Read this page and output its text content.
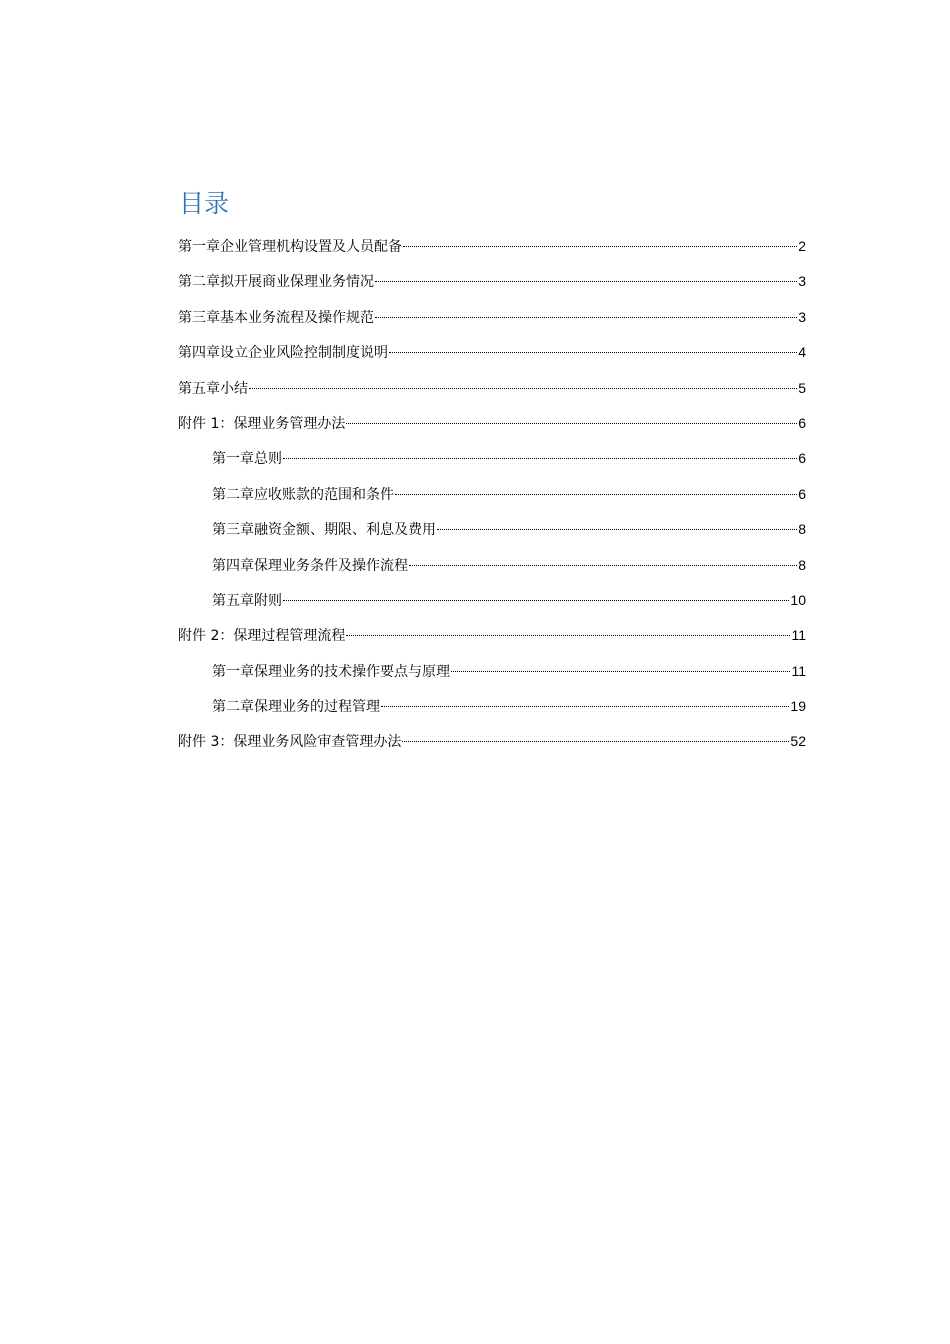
目录
第一章企业管理机构设置及人员配备	2
第二章拟开展商业保理业务情况	3
第三章基本业务流程及操作规范	3
第四章设立企业风险控制制度说明	4
第五章小结	5
附件 1：保理业务管理办法	6
第一章总则	6
第二章应收账款的范围和条件	6
第三章融资金额、期限、利息及费用	8
第四章保理业务条件及操作流程	8
第五章附则	10
附件 2：保理过程管理流程	11
第一章保理业务的技术操作要点与原理	11
第二章保理业务的过程管理	19
附件 3：保理业务风险审查管理办法	52
